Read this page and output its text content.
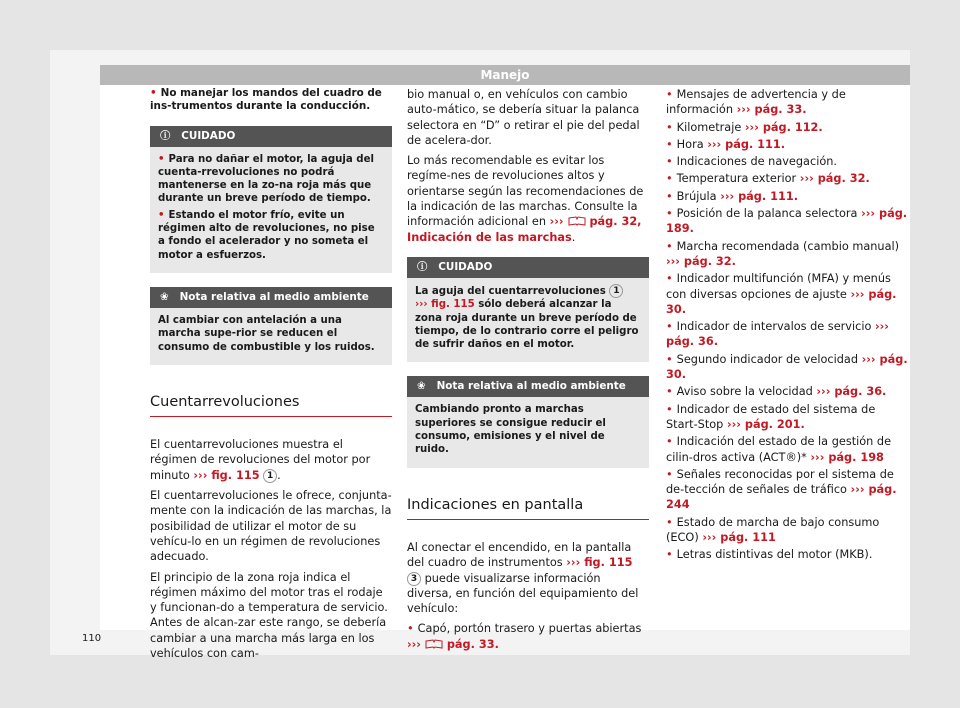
Manejo

• No manejar los mandos del cuadro de ins-trumentos durante la conducción.

ⓘ CUIDADO

• Para no dañar el motor, la aguja del cuenta-rrevoluciones no podrá mantenerse en la zo-na roja más que durante un breve período de tiempo.

• Estando el motor frío, evite un régimen alto de revoluciones, no pise a fondo el acelerador y no someta el motor a esfuerzos.

❀ Nota relativa al medio ambiente

Al cambiar con antelación a una marcha supe-rior se reducen el consumo de combustible y los ruidos.

Cuentarrevoluciones

El cuentarrevoluciones muestra el régimen de revoluciones del motor por minuto ››› fig. 115 1 .

El cuentarrevoluciones le ofrece, conjunta-mente con la indicación de las marchas, la posibilidad de utilizar el motor de su vehícu-lo en un régimen de revoluciones adecuado.

El principio de la zona roja indica el régimen máximo del motor tras el rodaje y funcionan-do a temperatura de servicio. Antes de alcan-zar este rango, se debería cambiar a una marcha más larga en los vehículos con cam-

bio manual o, en vehículos con cambio auto-mático, se debería situar la palanca selectora en “D” o retirar el pie del pedal de acelera-dor.

Lo más recomendable es evitar los regíme-nes de revoluciones altos y orientarse según las recomendaciones de la indicación de las marchas. Consulte la información adicional en ›››  pág. 32, Indicación de las marchas.

ⓘ CUIDADO

La aguja del cuentarrevoluciones 1
››› fig. 115 sólo deberá alcanzar la zona roja durante un breve período de tiempo, de lo contrario corre el peligro de sufrir daños en el motor.

❀ Nota relativa al medio ambiente

Cambiando pronto a marchas superiores se consigue reducir el consumo, emisiones y el nivel de ruido.

Indicaciones en pantalla

Al conectar el encendido, en la pantalla del cuadro de instrumentos ››› fig. 115 3 puede visualizarse información diversa, en función del equipamiento del vehículo:

• Capó, portón trasero y puertas abiertas
›››  pág. 33.

• Mensajes de advertencia y de información ››› pág. 33.
• Kilometraje ››› pág. 112.
• Hora ››› pág. 111.
• Indicaciones de navegación.
• Temperatura exterior ››› pág. 32.
• Brújula ››› pág. 111.
• Posición de la palanca selectora ››› pág. 189.
• Marcha recomendada (cambio manual) ››› pág. 32.
• Indicador multifunción (MFA) y menús con diversas opciones de ajuste ››› pág. 30.
• Indicador de intervalos de servicio ››› pág. 36.
• Segundo indicador de velocidad ››› pág. 30.
• Aviso sobre la velocidad ››› pág. 36.
• Indicador de estado del sistema de Start-Stop ››› pág. 201.
• Indicación del estado de la gestión de cilin-dros activa (ACT®)* ››› pág. 198
• Señales reconocidas por el sistema de de-tección de señales de tráfico ››› pág. 244
• Estado de marcha de bajo consumo (ECO) ››› pág. 111
• Letras distintivas del motor (MKB).
110
